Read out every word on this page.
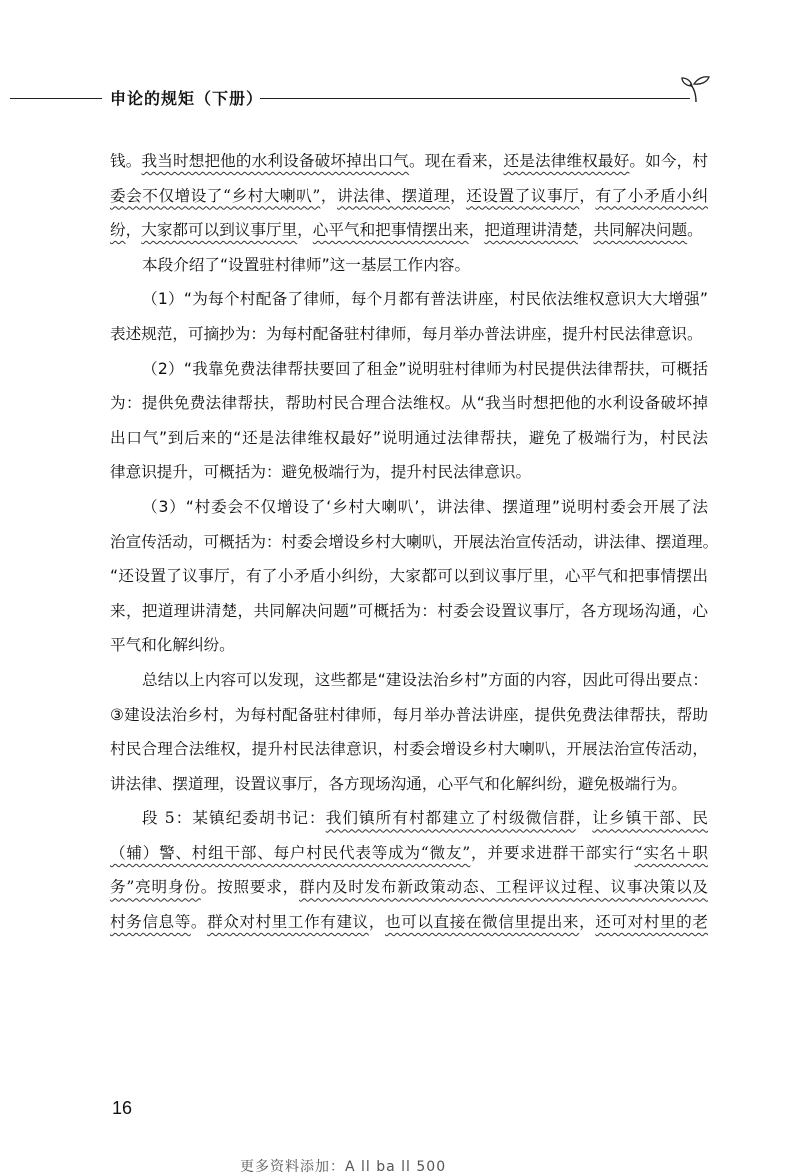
申论的规矩（下册）

钱。我当时想把他的水利设备破坏掉出口气。现在看来，还是法律维权最好。如今，村
委会不仅增设了“乡村大喇叭”，讲法律、摆道理，还设置了议事厅，有了小矛盾小纠
纷，大家都可以到议事厅里，心平气和把事情摆出来，把道理讲清楚，共同解决问题。

本段介绍了“设置驻村律师”这一基层工作内容。

（1）“为每个村配备了律师，每个月都有普法讲座，村民依法维权意识大大增强”
表述规范，可摘抄为：为每村配备驻村律师，每月举办普法讲座，提升村民法律意识。

（2）“我靠免费法律帮扶要回了租金”说明驻村律师为村民提供法律帮扶，可概括
为：提供免费法律帮扶，帮助村民合理合法维权。从“我当时想把他的水利设备破坏掉
出口气”到后来的“还是法律维权最好”说明通过法律帮扶，避免了极端行为，村民法
律意识提升，可概括为：避免极端行为，提升村民法律意识。

（3）“村委会不仅增设了‘乡村大喇叭’，讲法律、摆道理”说明村委会开展了法
治宣传活动，可概括为：村委会增设乡村大喇叭，开展法治宣传活动，讲法律、摆道理。
“还设置了议事厅，有了小矛盾小纠纷，大家都可以到议事厅里，心平气和把事情摆出
来，把道理讲清楚，共同解决问题”可概括为：村委会设置议事厅，各方现场沟通，心
平气和化解纠纷。

总结以上内容可以发现，这些都是“建设法治乡村”方面的内容，因此可得出要点：
③建设法治乡村，为每村配备驻村律师，每月举办普法讲座，提供免费法律帮扶，帮助
村民合理合法维权，提升村民法律意识，村委会增设乡村大喇叭，开展法治宣传活动，
讲法律、摆道理，设置议事厅，各方现场沟通，心平气和化解纠纷，避免极端行为。

段 5：某镇纪委胡书记：我们镇所有村都建立了村级微信群，让乡镇干部、民
（辅）警、村组干部、每户村民代表等成为“微友”，并要求进群干部实行“实名＋职
务”亮明身份。按照要求，群内及时发布新政策动态、工程评议过程、议事决策以及
村务信息等。群众对村里工作有建议，也可以直接在微信里提出来，还可对村里的老

16
更多资料添加：A ll ba ll 500
